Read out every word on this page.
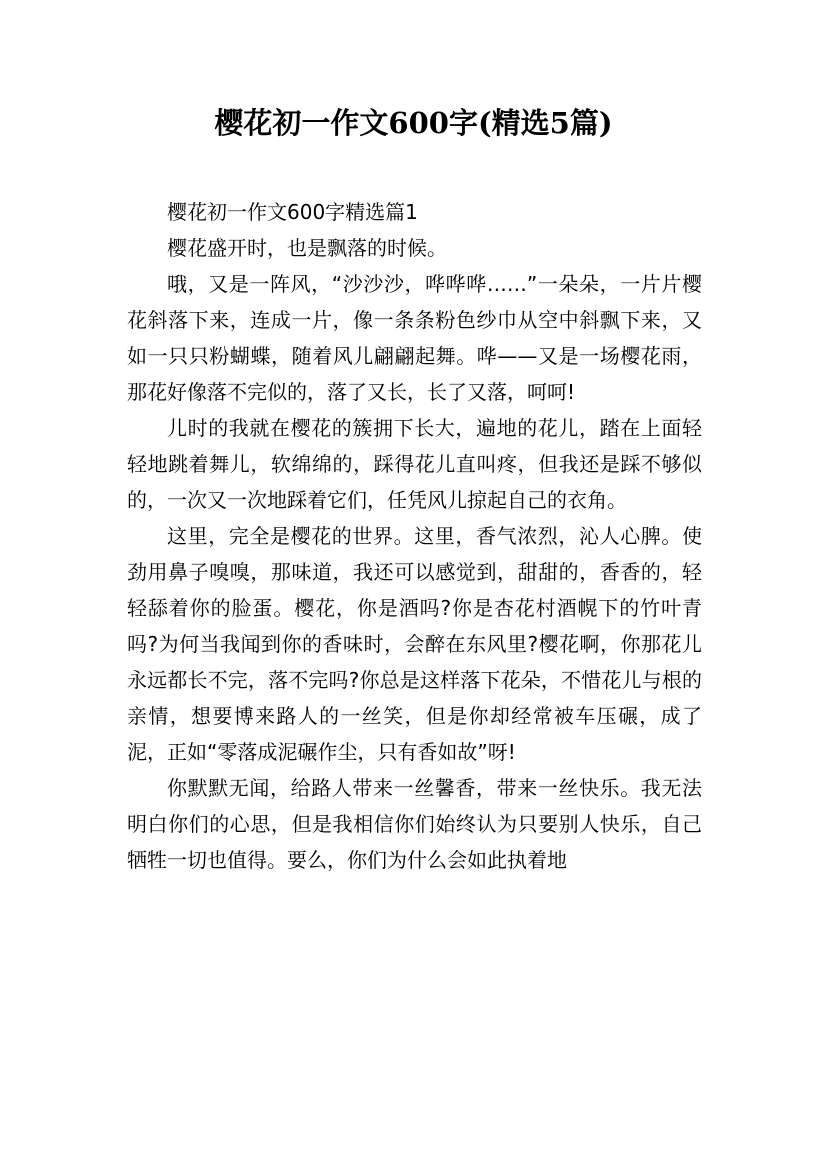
樱花初一作文600字(精选5篇)

樱花初一作文600字精选篇1

樱花盛开时，也是飘落的时候。

哦，又是一阵风，“沙沙沙，哗哗哗……”一朵朵，一片片樱花斜落下来，连成一片，像一条条粉色纱巾从空中斜飘下来，又如一只只粉蝴蝶，随着风儿翩翩起舞。哗——又是一场樱花雨，那花好像落不完似的，落了又长，长了又落，呵呵!

儿时的我就在樱花的簇拥下长大，遍地的花儿，踏在上面轻轻地跳着舞儿，软绵绵的，踩得花儿直叫疼，但我还是踩不够似的，一次又一次地踩着它们，任凭风儿掠起自己的衣角。

这里，完全是樱花的世界。这里，香气浓烈，沁人心脾。使劲用鼻子嗅嗅，那味道，我还可以感觉到，甜甜的，香香的，轻轻舔着你的脸蛋。樱花，你是酒吗?你是杏花村酒幌下的竹叶青吗?为何当我闻到你的香味时，会醉在东风里?樱花啊，你那花儿永远都长不完，落不完吗?你总是这样落下花朵，不惜花儿与根的亲情，想要博来路人的一丝笑，但是你却经常被车压碾，成了泥，正如“零落成泥碾作尘，只有香如故”呀!

你默默无闻，给路人带来一丝馨香，带来一丝快乐。我无法明白你们的心思，但是我相信你们始终认为只要别人快乐，自己牺牲一切也值得。要么，你们为什么会如此执着地
